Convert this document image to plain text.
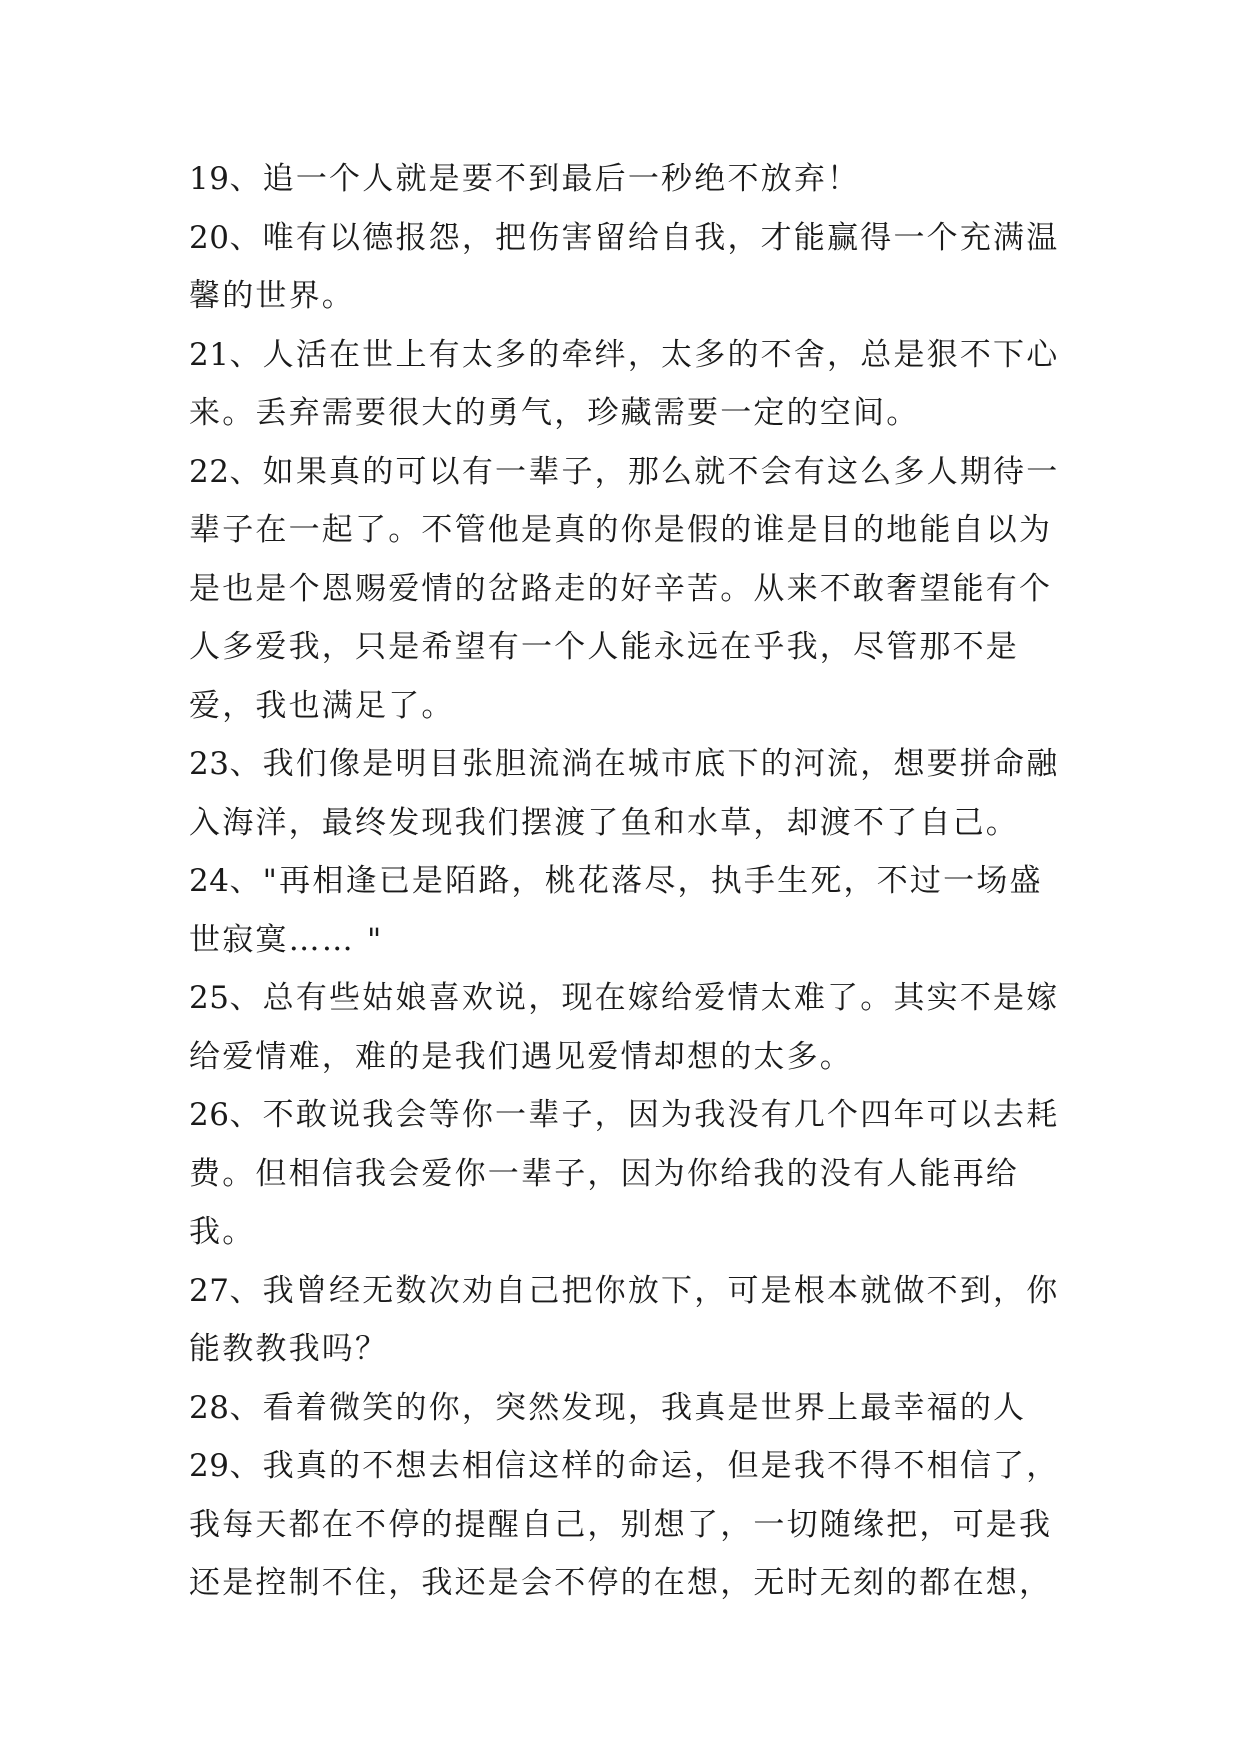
19、追一个人就是要不到最后一秒绝不放弃！

20、唯有以德报怨，把伤害留给自我，才能赢得一个充满温馨的世界。

21、人活在世上有太多的牵绊，太多的不舍，总是狠不下心来。丢弃需要很大的勇气，珍藏需要一定的空间。

22、如果真的可以有一辈子，那么就不会有这么多人期待一辈子在一起了。不管他是真的你是假的谁是目的地能自以为是也是个恩赐爱情的岔路走的好辛苦。从来不敢奢望能有个人多爱我，只是希望有一个人能永远在乎我，尽管那不是爱，我也满足了。

23、我们像是明目张胆流淌在城市底下的河流，想要拼命融入海洋，最终发现我们摆渡了鱼和水草，却渡不了自己。

24、"再相逢已是陌路，桃花落尽，执手生死，不过一场盛世寂寞…… "

25、总有些姑娘喜欢说，现在嫁给爱情太难了。其实不是嫁给爱情难，难的是我们遇见爱情却想的太多。

26、不敢说我会等你一辈子，因为我没有几个四年可以去耗费。但相信我会爱你一辈子，因为你给我的没有人能再给我。

27、我曾经无数次劝自己把你放下，可是根本就做不到，你能教教我吗？

28、看着微笑的你，突然发现，我真是世界上最幸福的人

29、我真的不想去相信这样的命运，但是我不得不相信了，我每天都在不停的提醒自己，别想了，一切随缘把，可是我还是控制不住，我还是会不停的在想，无时无刻的都在想，
